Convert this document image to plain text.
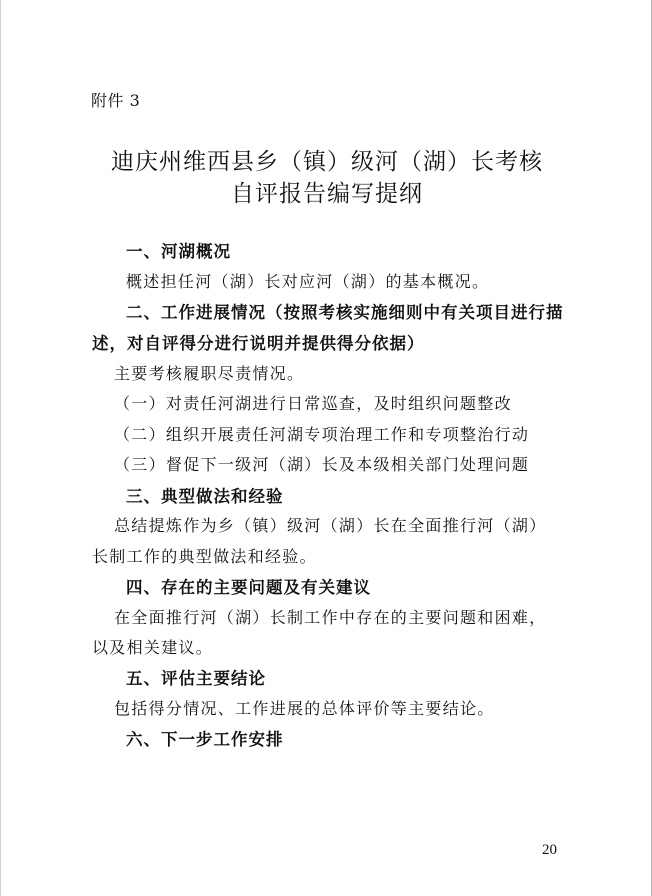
附件 3
迪庆州维西县乡（镇）级河（湖）长考核
自评报告编写提纲
一、河湖概况
概述担任河（湖）长对应河（湖）的基本概况。
二、工作进展情况（按照考核实施细则中有关项目进行描
述，对自评得分进行说明并提供得分依据）
主要考核履职尽责情况。
（一）对责任河湖进行日常巡查，及时组织问题整改
（二）组织开展责任河湖专项治理工作和专项整治行动
（三）督促下一级河（湖）长及本级相关部门处理问题
三、典型做法和经验
总结提炼作为乡（镇）级河（湖）长在全面推行河（湖）
长制工作的典型做法和经验。
四、存在的主要问题及有关建议
在全面推行河（湖）长制工作中存在的主要问题和困难，
以及相关建议。
五、评估主要结论
包括得分情况、工作进展的总体评价等主要结论。
六、下一步工作安排
20
